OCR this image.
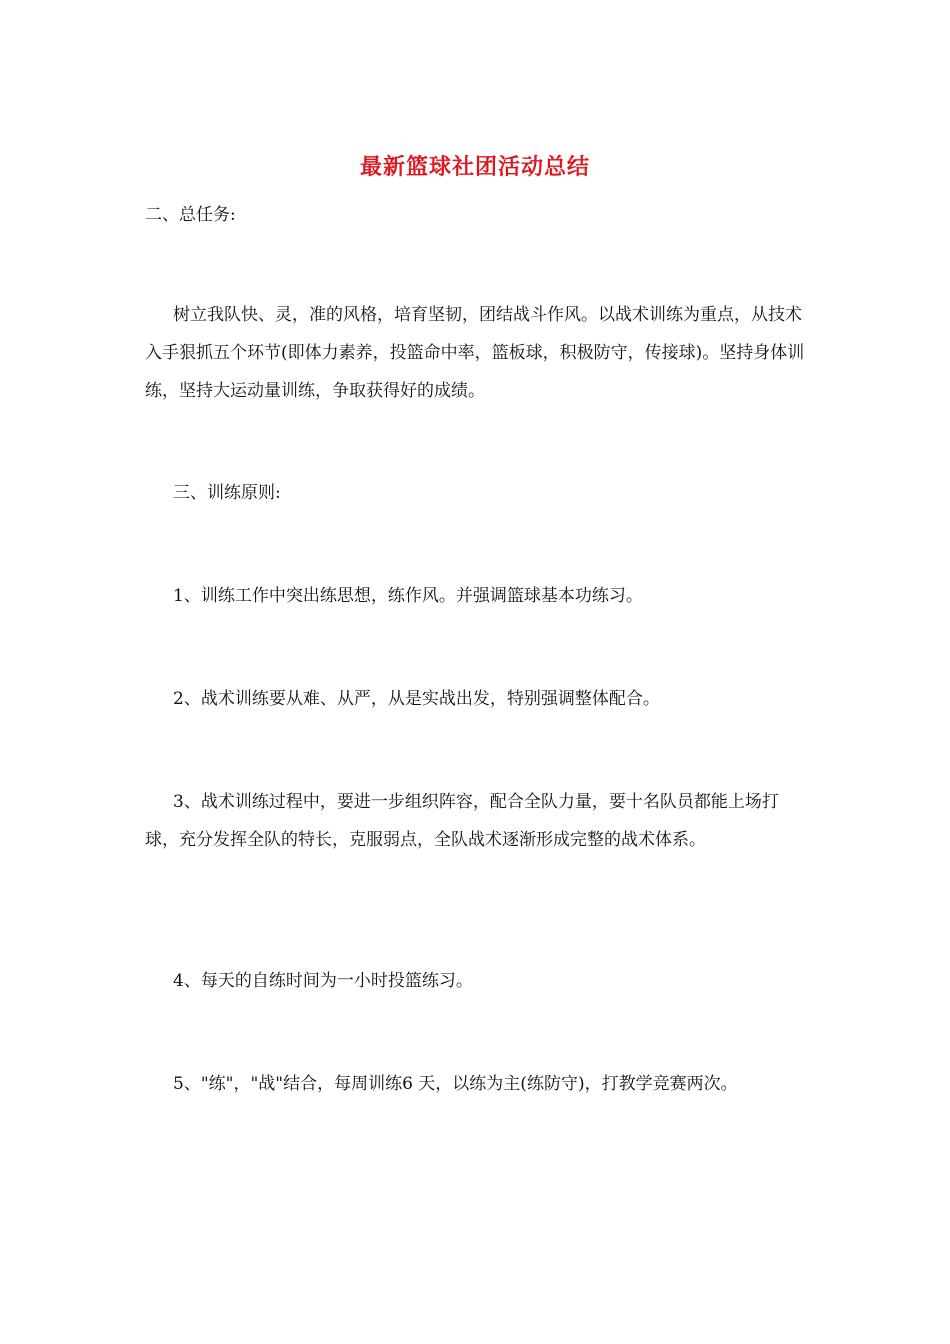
最新篮球社团活动总结

二、总任务:

树立我队快、灵，准的风格，培育坚韧，团结战斗作风。以战术训练为重点，从技术入手狠抓五个环节(即体力素养，投篮命中率，篮板球，积极防守，传接球)。坚持身体训练，坚持大运动量训练，争取获得好的成绩。

三、训练原则:

1、训练工作中突出练思想，练作风。并强调篮球基本功练习。

2、战术训练要从难、从严，从是实战出发，特别强调整体配合。

3、战术训练过程中，要进一步组织阵容，配合全队力量，要十名队员都能上场打球，充分发挥全队的特长，克服弱点，全队战术逐渐形成完整的战术体系。

4、每天的自练时间为一小时投篮练习。

5、"练"，"战"结合，每周训练6 天，以练为主(练防守)，打教学竞赛两次。
